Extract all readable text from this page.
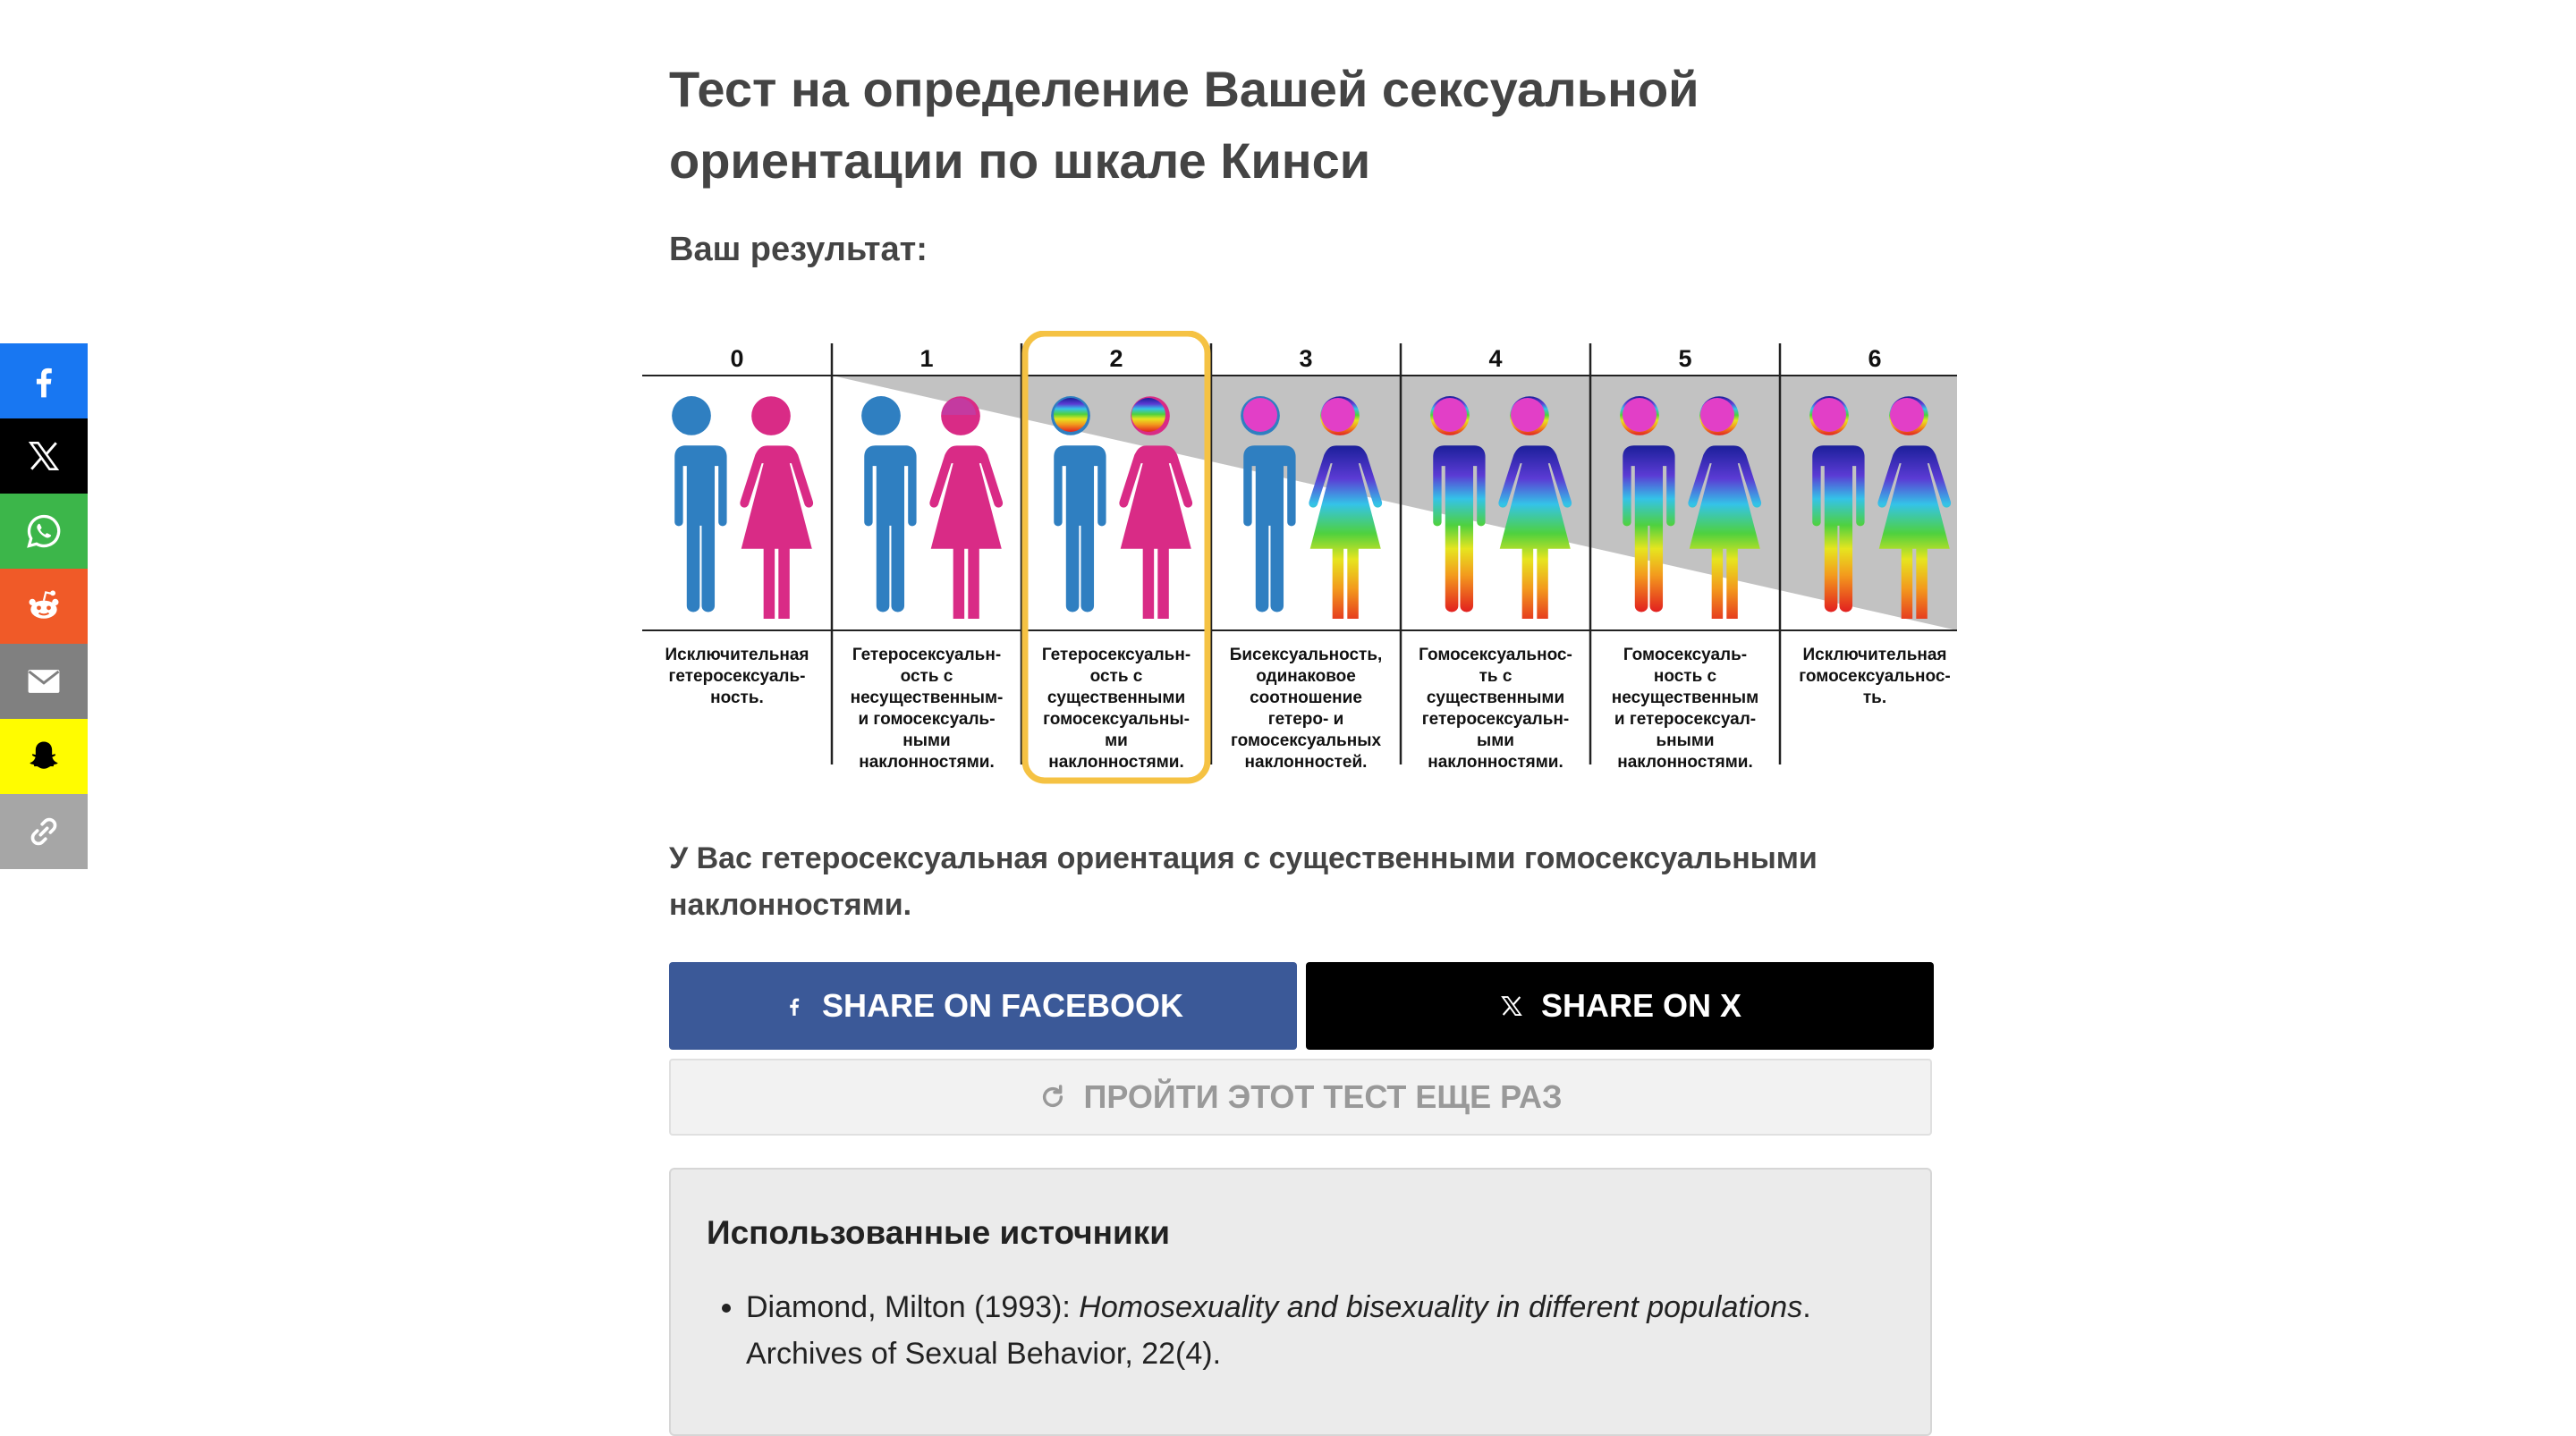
Тест на определение Вашей сексуальной ориентации по шкале Кинси
Ваш результат:
0
Исключительная
гетеросексуаль-
ность.
1
Гетеросексуальн-
ость с
несущественным-
и гомосексуаль-
ными
наклонностями.
2
Гетеросексуальн-
ость с
существенными
гомосексуальны-
ми
наклонностями.
3
Бисексуальность,
одинаковое
соотношение
гетеро- и
гомосексуальных
наклонностей.
4
Гомосексуальнос-
ть с
существенными
гетеросексуальн-
ыми
наклонностями.
5
Гомосексуаль-
ность с
несущественным
и гетеросексуал-
ьными
наклонностями.
6
Исключительная
гомосексуальнос-
ть.
У Вас гетеросексуальная ориентация с существенными гомосексуальными наклонностями.
SHARE ON FACEBOOK	SHARE ON X
ПРОЙТИ ЭТОТ ТЕСТ ЕЩЕ РАЗ
Использованные источники
• Diamond, Milton (1993): Homosexuality and bisexuality in different populations. Archives of Sexual Behavior, 22(4).
